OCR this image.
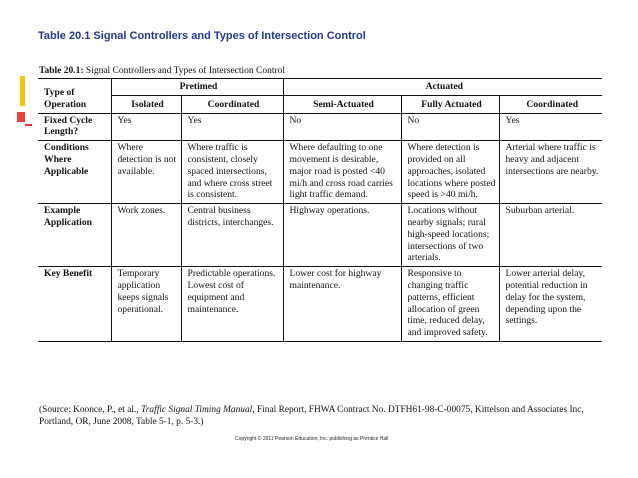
Table 20.1 Signal Controllers and Types of Intersection Control
Table 20.1: Signal Controllers and Types of Intersection Control
Type of
Operation	Pretimed		Actuated		
	Isolated	Coordinated	Semi-Actuated	Fully Actuated	Coordinated
Fixed Cycle Length?	Yes	Yes	No	No	Yes
Conditions Where Applicable	Where detection is not available.	Where traffic is consistent, closely spaced intersections, and where cross street is consistent.	Where defaulting to one movement is desirable, major road is posted <40 mi/h and cross road carries light traffic demand.	Where detection is provided on all approaches, isolated locations where posted speed is >40 mi/h.	Arterial where traffic is heavy and adjacent intersections are nearby.
Example Application	Work zones.	Central business districts, interchanges.	Highway operations.	Locations without nearby signals; rural high-speed locations; intersections of two arterials.	Suburban arterial.
Key Benefit	Temporary application keeps signals operational.	Predictable operations. Lowest cost of equipment and maintenance.	Lower cost for highway maintenance.	Responsive to changing traffic patterns, efficient allocation of green time, reduced delay, and improved safety.	Lower arterial delay, potential reduction in delay for the system, depending upon the settings.
(Source: Koonce, P., et al., Traffic Signal Timing Manual, Final Report, FHWA Contract No. DTFH61-98-C-00075, Kittelson and Associates Inc, Portland, OR, June 2008, Table 5-1, p. 5-3.)
Copyright © 2011 Pearson Education, Inc. publishing as Prentice Hall
